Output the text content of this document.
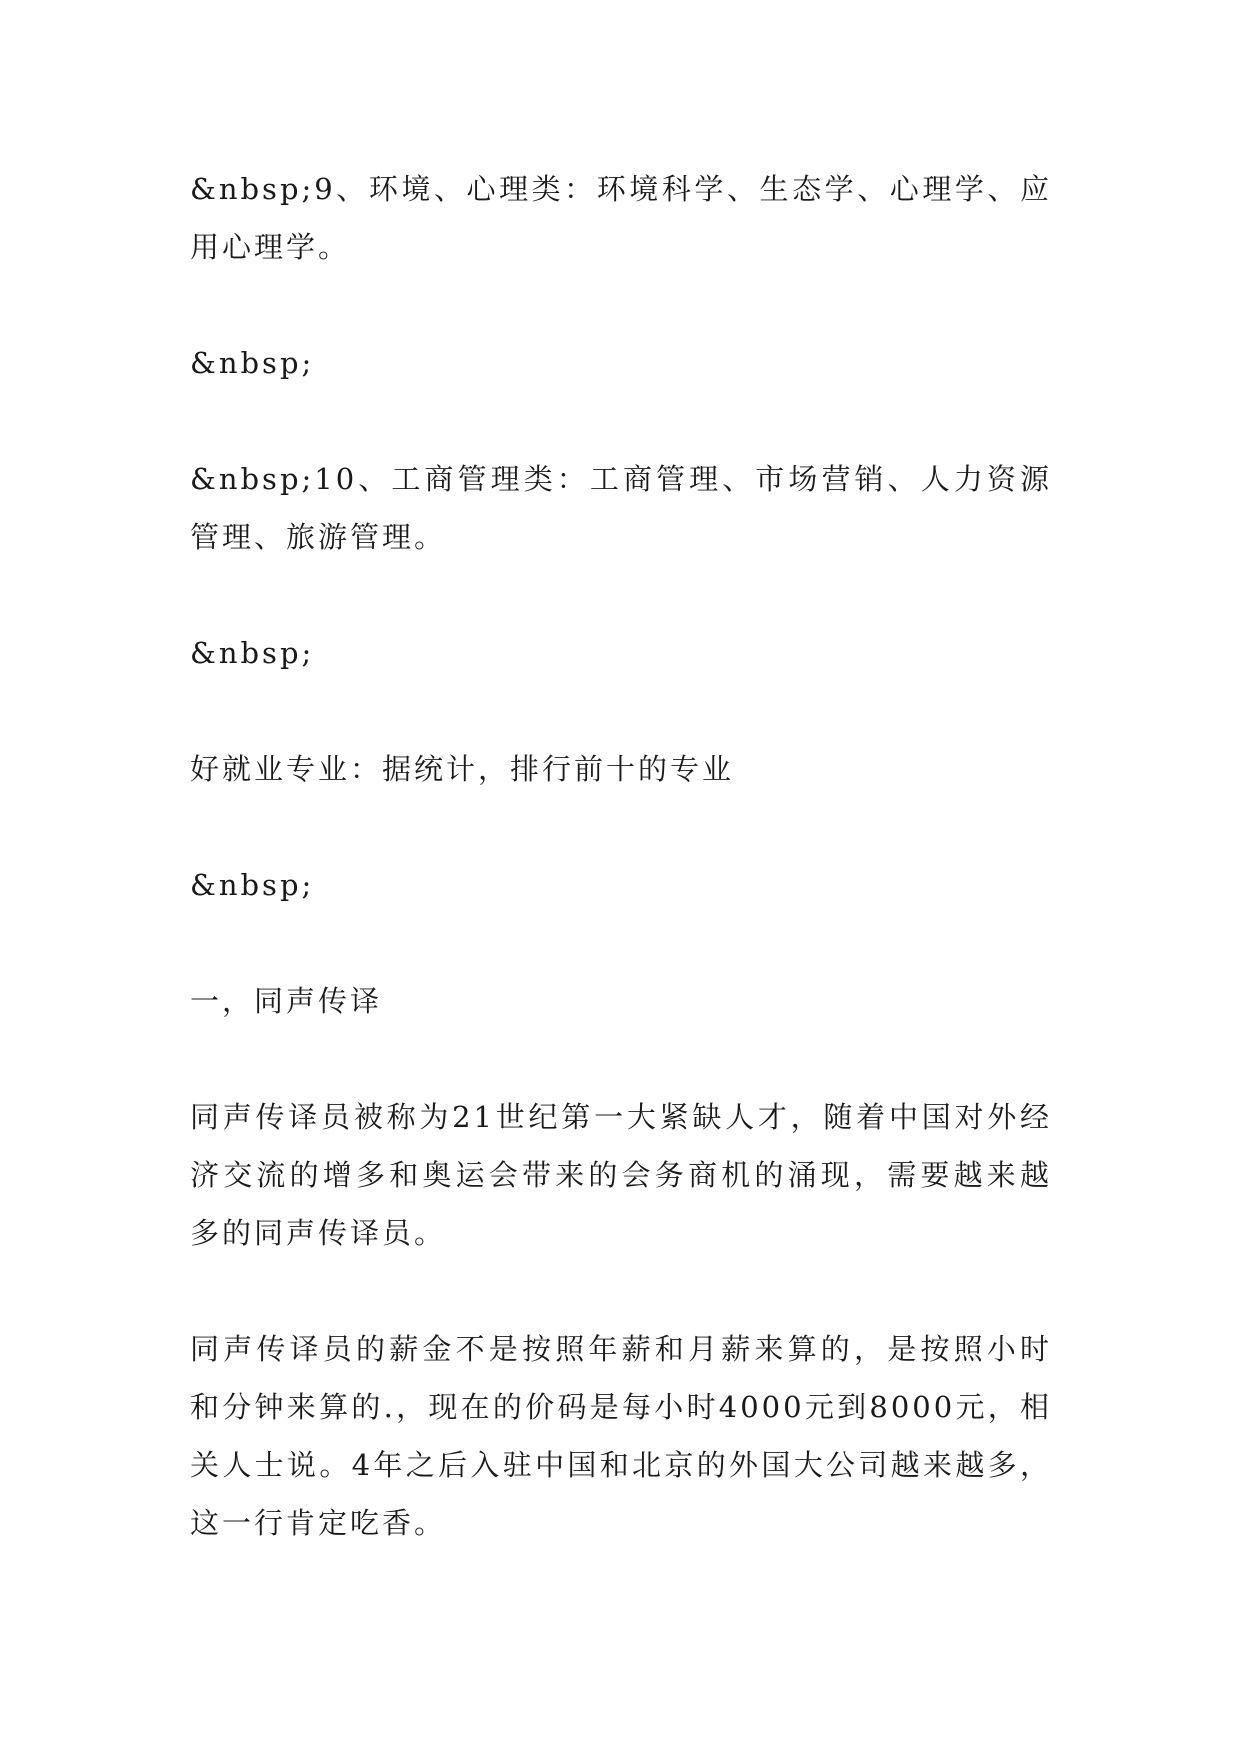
&nbsp;9、环境、心理类：环境科学、生态学、心理学、应用心理学。

&nbsp;

&nbsp;10、工商管理类：工商管理、市场营销、人力资源管理、旅游管理。

&nbsp;

好就业专业：据统计，排行前十的专业

&nbsp;

一，同声传译

同声传译员被称为21世纪第一大紧缺人才，随着中国对外经济交流的增多和奥运会带来的会务商机的涌现，需要越来越多的同声传译员。

同声传译员的薪金不是按照年薪和月薪来算的，是按照小时和分钟来算的.，现在的价码是每小时4000元到8000元，相关人士说。4年之后入驻中国和北京的外国大公司越来越多，这一行肯定吃香。
